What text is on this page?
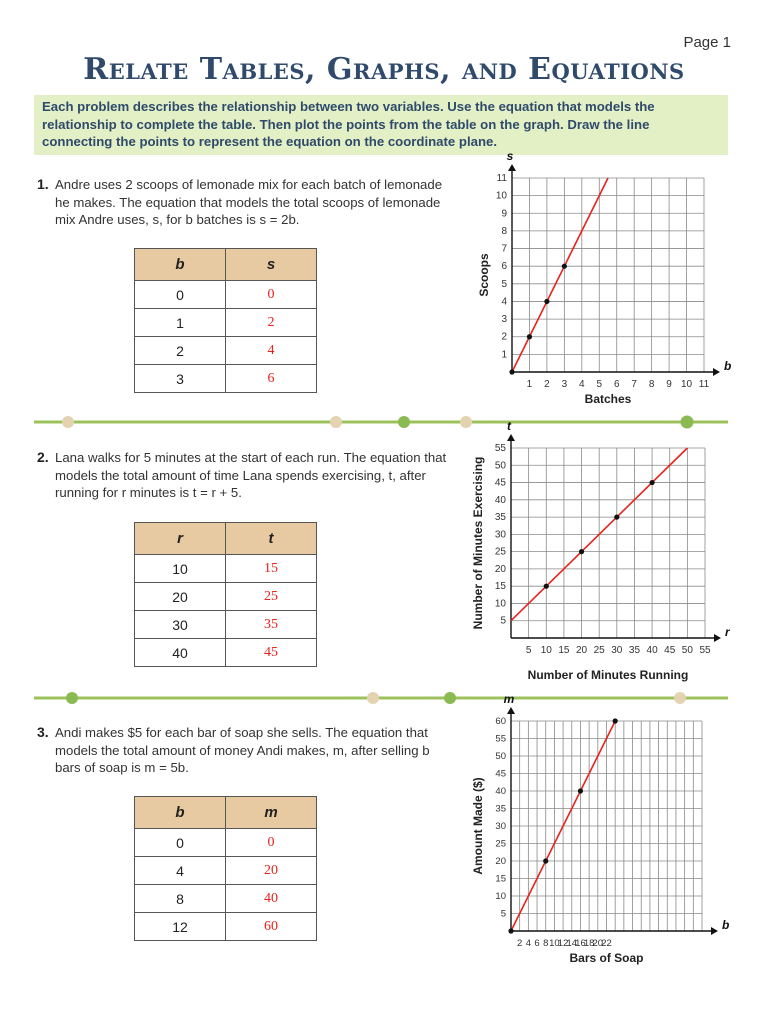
Page 1
Relate Tables, Graphs, and Equations
Each problem describes the relationship between two variables. Use the equation that models the relationship to complete the table. Then plot the points from the table on the graph. Draw the line connecting the points to represent the equation on the coordinate plane.
1. Andre uses 2 scoops of lemonade mix for each batch of lemonade he makes. The equation that models the total scoops of lemonade mix Andre uses, s, for b batches is s = 2b.
b	s
0	0
1	2
2	4
3	6
b
s
1 2 3 4 5 6 7 8 9 10 11
1
2
3
4
5
6
7
8
9
10
11
Batches
Scoops
2. Lana walks for 5 minutes at the start of each run. The equation that models the total amount of time Lana spends exercising, t, after running for r minutes is t = r + 5.
r	t
10	15
20	25
30	35
40	45
r
t
5 10 15 20 25 30 35 40 45 50 55
5
10
15
20
25
30
35
40
45
50
55
Number of Minutes Running
Number of Minutes Exercising
3. Andi makes $5 for each bar of soap she sells. The equation that models the total amount of money Andi makes, m, after selling b bars of soap is m = 5b.
b	m
0	0
4	20
8	40
12	60	b
m
2 4 6 8 10
12
14
16
18
20
22
5
10
15
20
25
30
35
40
45
50
55
60
Bars of Soap
Amount Made ($)
